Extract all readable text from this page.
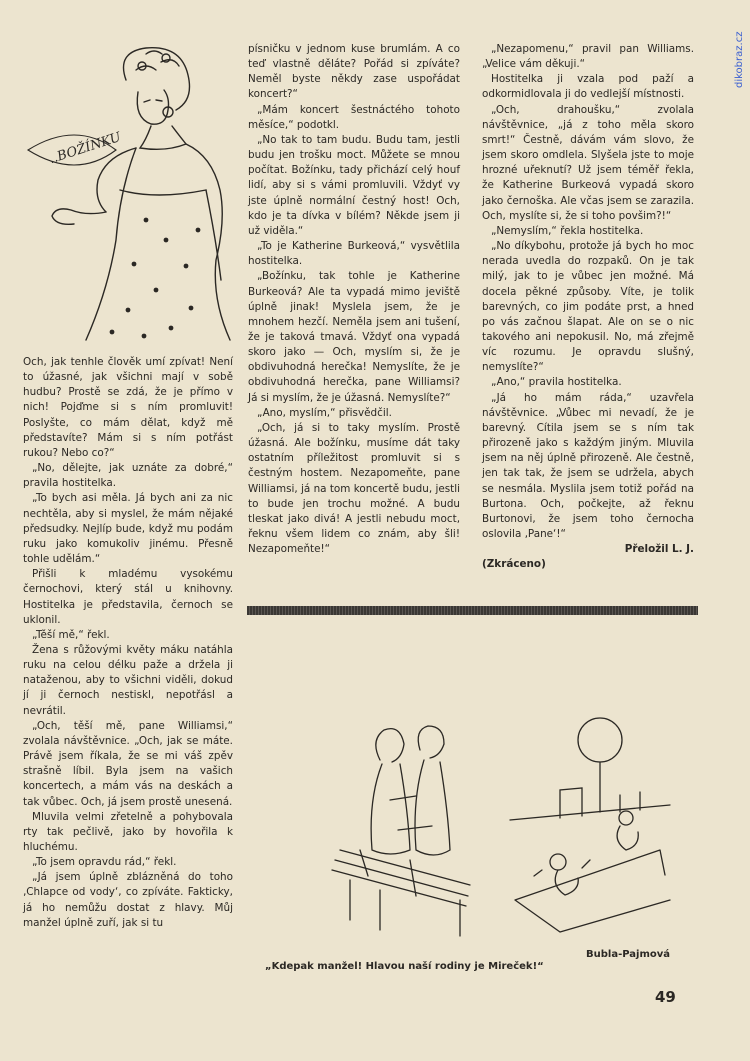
dikobraz.cz
..BOŽÍNKU

Och, jak tenhle člověk umí zpívat! Není to úžasné, jak všichni mají v sobě hudbu? Prostě se zdá, že je přímo v nich! Pojďme si s ním promluvit! Poslyšte, co mám dělat, když mě představíte? Mám si s ním potřást rukou? Nebo co?“

„No, dělejte, jak uznáte za dobré,“ pravila hostitelka.

„To bych asi měla. Já bych ani za nic nechtěla, aby si myslel, že mám nějaké předsudky. Nejlíp bude, když mu podám ruku jako komukoliv jinému. Přesně tohle udělám.“

Přišli k mladému vysokému černochovi, který stál u knihovny. Hostitelka je představila, černoch se uklonil.

„Těší mě,“ řekl.

Žena s růžovými květy máku natáhla ruku na celou délku paže a držela ji nataženou, aby to všichni viděli, dokud jí ji černoch nestiskl, nepotřásl a nevrátil.

„Och, těší mě, pane Williamsi,“ zvolala návštěvnice. „Och, jak se máte. Právě jsem říkala, že se mi váš zpěv strašně líbil. Byla jsem na vašich koncertech, a mám vás na deskách a tak vůbec. Och, já jsem prostě unesená.

Mluvila velmi zřetelně a pohybovala rty tak pečlivě, jako by hovořila k hluchému.

„To jsem opravdu rád,“ řekl.

„Já jsem úplně zblázněná do toho ‚Chlapce od vody‘, co zpíváte. Fakticky, já ho nemůžu dostat z hlavy. Můj manžel úplně zuří, jak si tu

písničku v jednom kuse brumlám. A co teď vlastně děláte? Pořád si zpíváte? Neměl byste někdy zase uspořádat koncert?“

„Mám koncert šestnáctého tohoto měsíce,“ podotkl.

„No tak to tam budu. Budu tam, jestli budu jen trošku moct. Můžete se mnou počítat. Božínku, tady přichází celý houf lidí, aby si s vámi promluvili. Vždyť vy jste úplně normální čestný host! Och, kdo je ta dívka v bílém? Někde jsem ji už viděla.“

„To je Katherine Burkeová,“ vysvětlila hostitelka.

„Božínku, tak tohle je Katherine Burkeová? Ale ta vypadá mimo jeviště úplně jinak! Myslela jsem, že je mnohem hezčí. Neměla jsem ani tušení, že je taková tmavá. Vždyť ona vypadá skoro jako — Och, myslím si, že je obdivuhodná herečka! Nemyslíte, že je obdivuhodná herečka, pane Williamsi? Já si myslím, že je úžasná. Nemyslíte?“

„Ano, myslím,“ přisvědčil.

„Och, já si to taky myslím. Prostě úžasná. Ale božínku, musíme dát taky ostatním příležitost promluvit si s čestným hostem. Nezapomeňte, pane Williamsi, já na tom koncertě budu, jestli to bude jen trochu možné. A budu tleskat jako divá! A jestli nebudu moct, řeknu všem lidem co znám, aby šli! Nezapomeňte!“

„Nezapomenu,“ pravil pan Williams. „Velice vám děkuji.“

Hostitelka ji vzala pod paží a odkormidlovala ji do vedlejší místnosti.

„Och, drahoušku,“ zvolala návštěvnice, „já z toho měla skoro smrt!“ Čestně, dávám vám slovo, že jsem skoro omdlela. Slyšela jste to moje hrozné uřeknutí? Už jsem téměř řekla, že Katherine Burkeová vypadá skoro jako černoška. Ale včas jsem se zarazila. Och, myslíte si, že si toho povšim?!“

„Nemyslím,“ řekla hostitelka.

„No díkybohu, protože já bych ho moc nerada uvedla do rozpaků. On je tak milý, jak to je vůbec jen možné. Má docela pěkné způsoby. Víte, je tolik barevných, co jim podáte prst, a hned po vás začnou šlapat. Ale on se o nic takového ani nepokusil. No, má zřejmě víc rozumu. Je opravdu slušný, nemyslíte?“

„Ano,“ pravila hostitelka.

„Já ho mám ráda,“ uzavřela návštěvnice. „Vůbec mi nevadí, že je barevný. Cítila jsem se s ním tak přirozeně jako s každým jiným. Mluvila jsem na něj úplně přirozeně. Ale čestně, jen tak tak, že jsem se udržela, abych se nesmála. Myslila jsem totiž pořád na Burtona. Och, počkejte, až řeknu Burtonovi, že jsem toho černocha oslovila ‚Pane‘!“

Přeložil L. J.
(Zkráceno)
Bubla-Pajmová
„Kdepak manžel! Hlavou naší rodiny je Mireček!“
49
